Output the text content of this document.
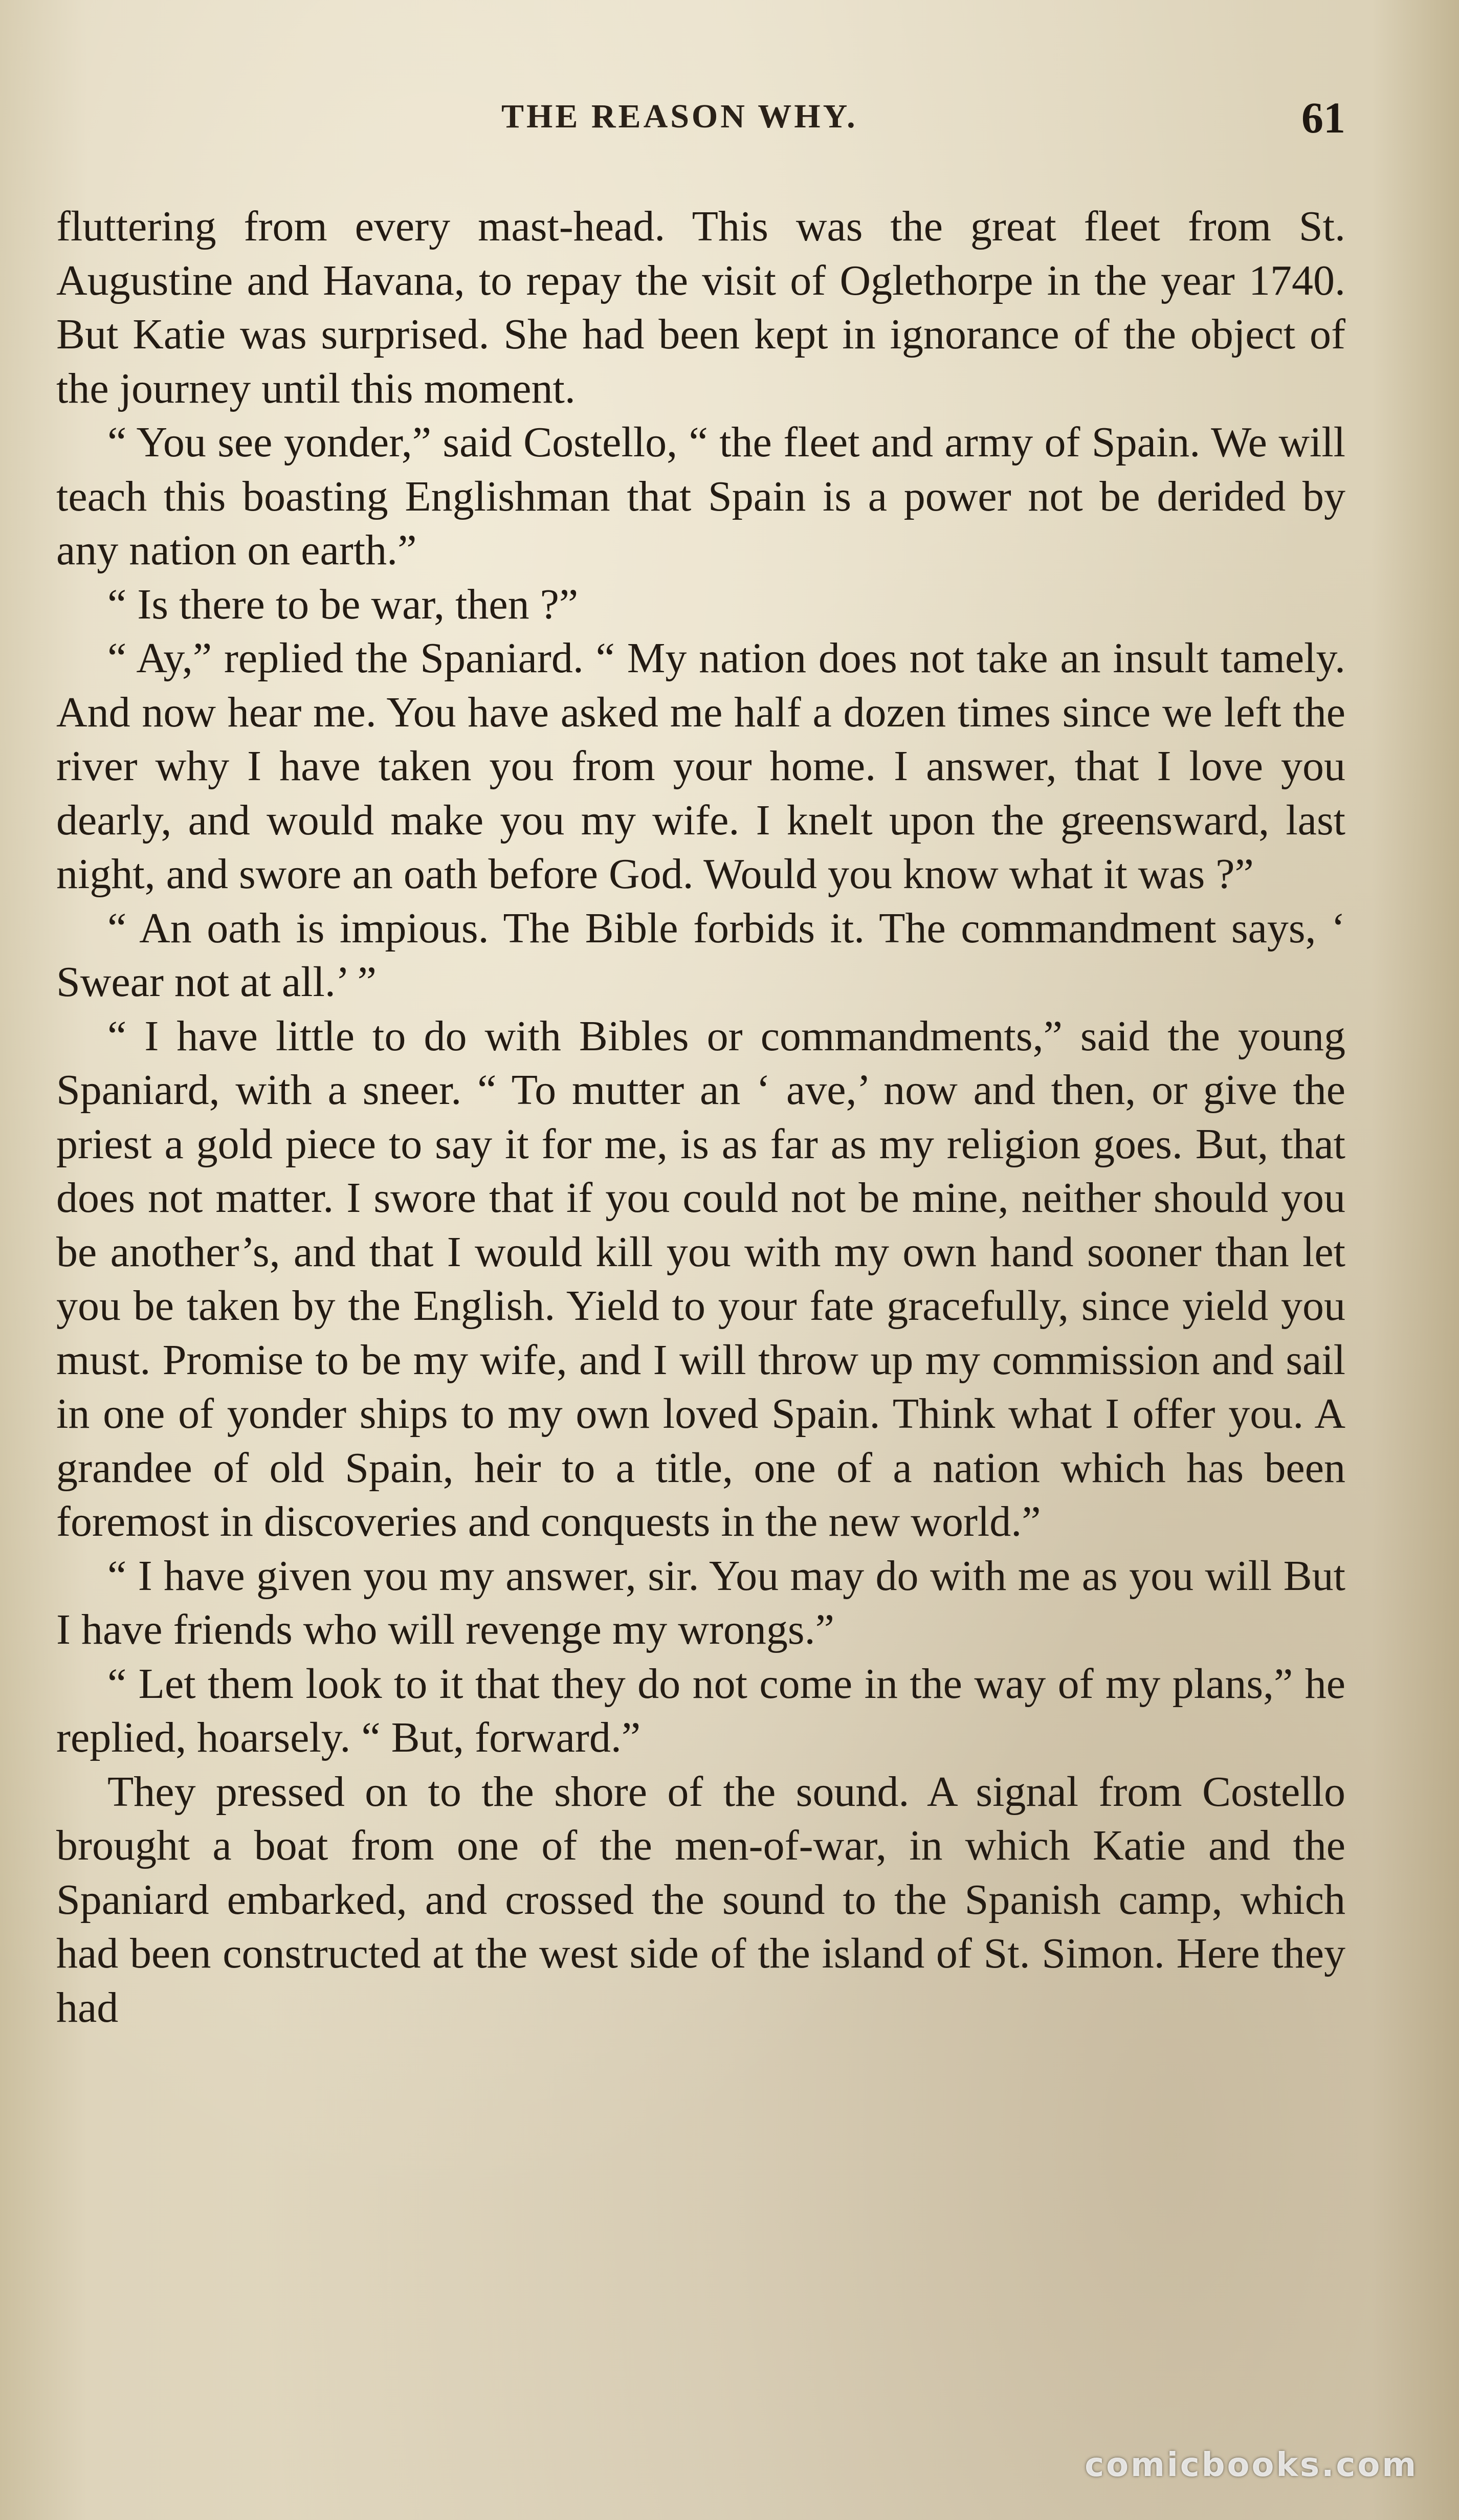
THE REASON WHY.	61

fluttering from every mast-head. This was the great fleet from St. Augustine and Havana, to repay the visit of Oglethorpe in the year 1740. But Katie was surprised. She had been kept in ignorance of the object of the journey until this moment.

“ You see yonder,” said Costello, “ the fleet and army of Spain. We will teach this boasting Englishman that Spain is a power not be derided by any nation on earth.”

“ Is there to be war, then ?”

“ Ay,” replied the Spaniard. “ My nation does not take an insult tamely. And now hear me. You have asked me half a dozen times since we left the river why I have taken you from your home. I answer, that I love you dearly, and would make you my wife. I knelt upon the greensward, last night, and swore an oath before God. Would you know what it was ?”

“ An oath is impious. The Bible forbids it. The commandment says, ‘ Swear not at all.’ ”

“ I have little to do with Bibles or commandments,” said the young Spaniard, with a sneer. “ To mutter an ‘ ave,’ now and then, or give the priest a gold piece to say it for me, is as far as my religion goes. But, that does not matter. I swore that if you could not be mine, neither should you be another’s, and that I would kill you with my own hand sooner than let you be taken by the English. Yield to your fate gracefully, since yield you must. Promise to be my wife, and I will throw up my commission and sail in one of yonder ships to my own loved Spain. Think what I offer you. A grandee of old Spain, heir to a title, one of a nation which has been foremost in discoveries and conquests in the new world.”

“ I have given you my answer, sir. You may do with me as you will But I have friends who will revenge my wrongs.”

“ Let them look to it that they do not come in the way of my plans,” he replied, hoarsely. “ But, forward.”

They pressed on to the shore of the sound. A signal from Costello brought a boat from one of the men-of-war, in which Katie and the Spaniard embarked, and crossed the sound to the Spanish camp, which had been constructed at the west side of the island of St. Simon. Here they had

comicbooks.com
